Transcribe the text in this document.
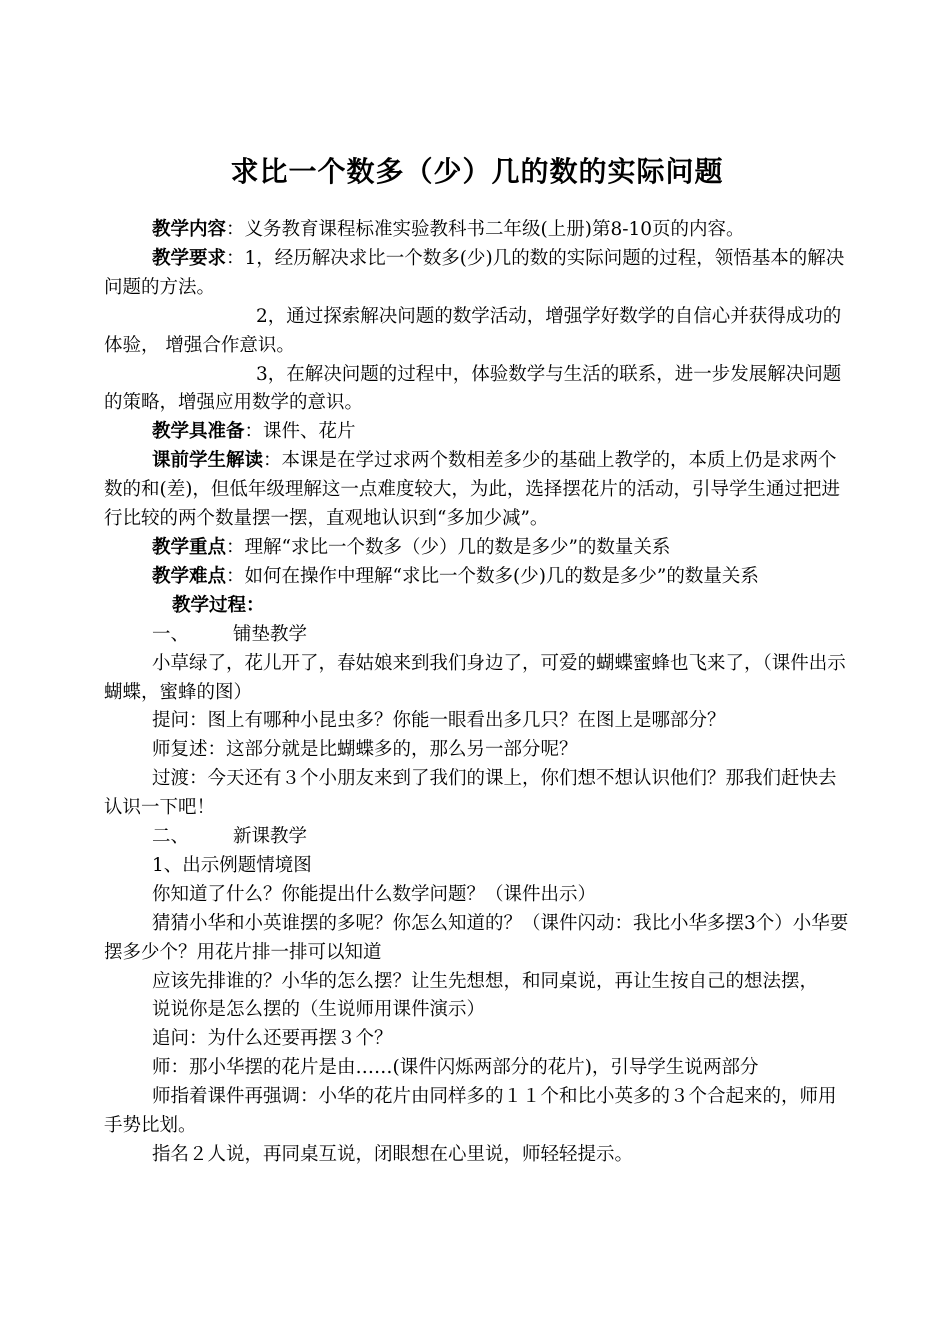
求比一个数多（少）几的数的实际问题

教学内容：义务教育课程标准实验教科书二年级(上册)第8-10页的内容。

教学要求：1，经历解决求比一个数多(少)几的数的实际问题的过程，领悟基本的解决问题的方法。

2，通过探索解决问题的数学活动，增强学好数学的自信心并获得成功的体验， 增强合作意识。

3，在解决问题的过程中，体验数学与生活的联系，进一步发展解决问题的策略，增强应用数学的意识。

教学具准备：课件、花片

课前学生解读：本课是在学过求两个数相差多少的基础上教学的，本质上仍是求两个数的和(差)，但低年级理解这一点难度较大，为此，选择摆花片的活动，引导学生通过把进行比较的两个数量摆一摆，直观地认识到“多加少减”。

教学重点：理解“求比一个数多（少）几的数是多少”的数量关系

教学难点：如何在操作中理解“求比一个数多(少)几的数是多少”的数量关系

教学过程：

一、 铺垫教学

小草绿了，花儿开了，春姑娘来到我们身边了，可爱的蝴蝶蜜蜂也飞来了，（课件出示蝴蝶，蜜蜂的图）

提问：图上有哪种小昆虫多？你能一眼看出多几只？在图上是哪部分？

师复述：这部分就是比蝴蝶多的，那么另一部分呢？

过渡：今天还有３个小朋友来到了我们的课上，你们想不想认识他们？那我们赶快去认识一下吧！

二、 新课教学

1、出示例题情境图

你知道了什么？你能提出什么数学问题？（课件出示）

猜猜小华和小英谁摆的多呢？你怎么知道的？（课件闪动：我比小华多摆3个）小华要摆多少个？用花片排一排可以知道

应该先排谁的？小华的怎么摆？让生先想想，和同桌说，再让生按自己的想法摆，

说说你是怎么摆的（生说师用课件演示）

追问：为什么还要再摆３个？

师：那小华摆的花片是由……(课件闪烁两部分的花片)，引导学生说两部分

师指着课件再强调：小华的花片由同样多的１１个和比小英多的３个合起来的，师用手势比划。

指名２人说，再同桌互说，闭眼想在心里说，师轻轻提示。
